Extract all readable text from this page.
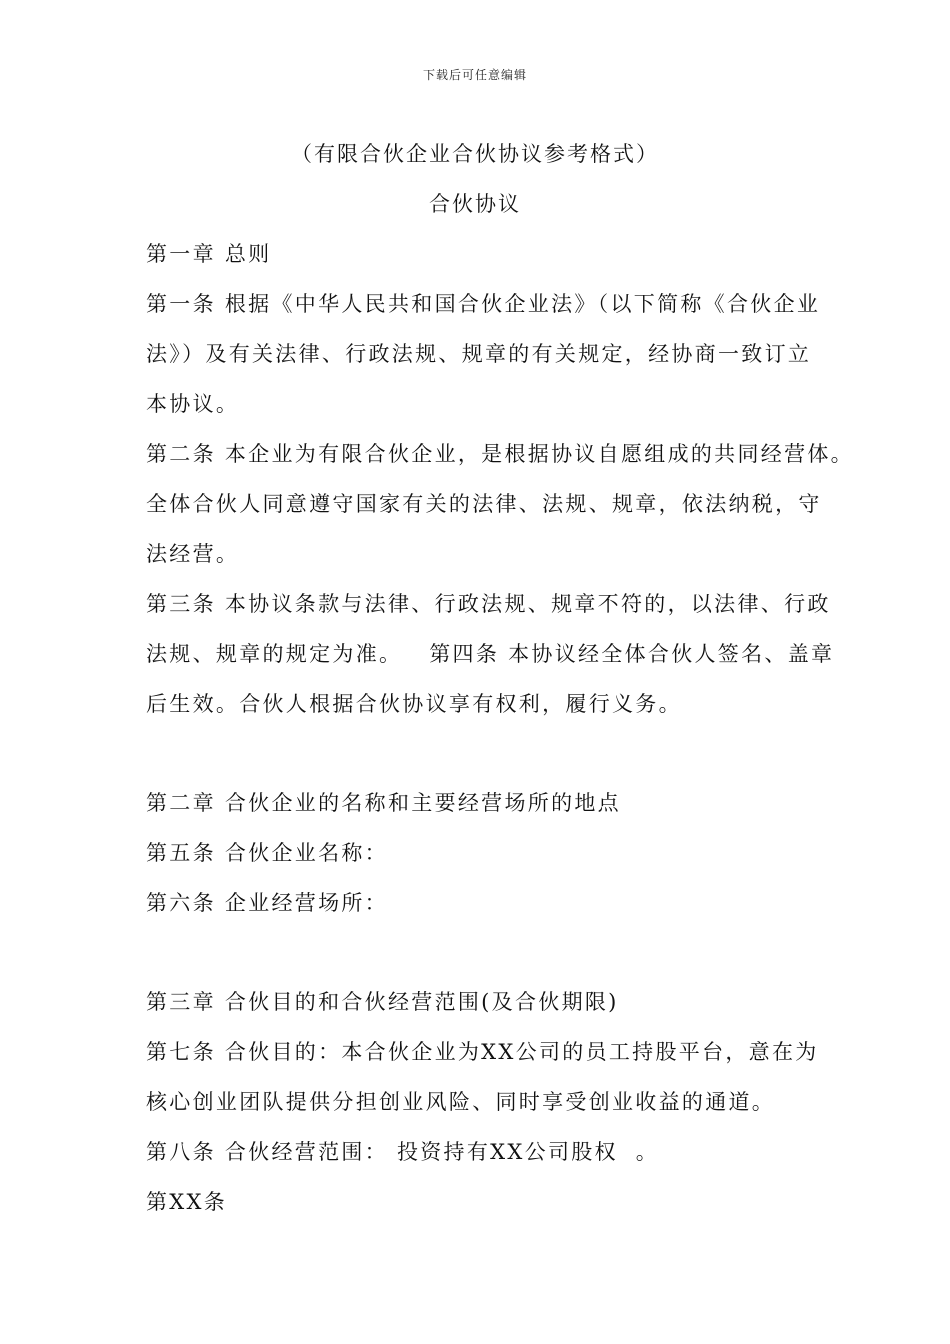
下载后可任意编辑
（有限合伙企业合伙协议参考格式）
合伙协议
第一章 总则
第一条 根据《中华人民共和国合伙企业法》（以下简称《合伙企业
法》）及有关法律、行政法规、规章的有关规定，经协商一致订立
本协议。
第二条 本企业为有限合伙企业，是根据协议自愿组成的共同经营体。
全体合伙人同意遵守国家有关的法律、法规、规章，依法纳税，守
法经营。
第三条 本协议条款与法律、行政法规、规章不符的，以法律、行政
法规、规章的规定为准。   第四条 本协议经全体合伙人签名、盖章
后生效。合伙人根据合伙协议享有权利，履行义务。
第二章 合伙企业的名称和主要经营场所的地点
第五条 合伙企业名称：
第六条 企业经营场所：
第三章 合伙目的和合伙经营范围(及合伙期限)
第七条 合伙目的：本合伙企业为XX公司的员工持股平台，意在为
核心创业团队提供分担创业风险、同时享受创业收益的通道。
第八条 合伙经营范围： 投资持有XX公司股权  。
第XX条
